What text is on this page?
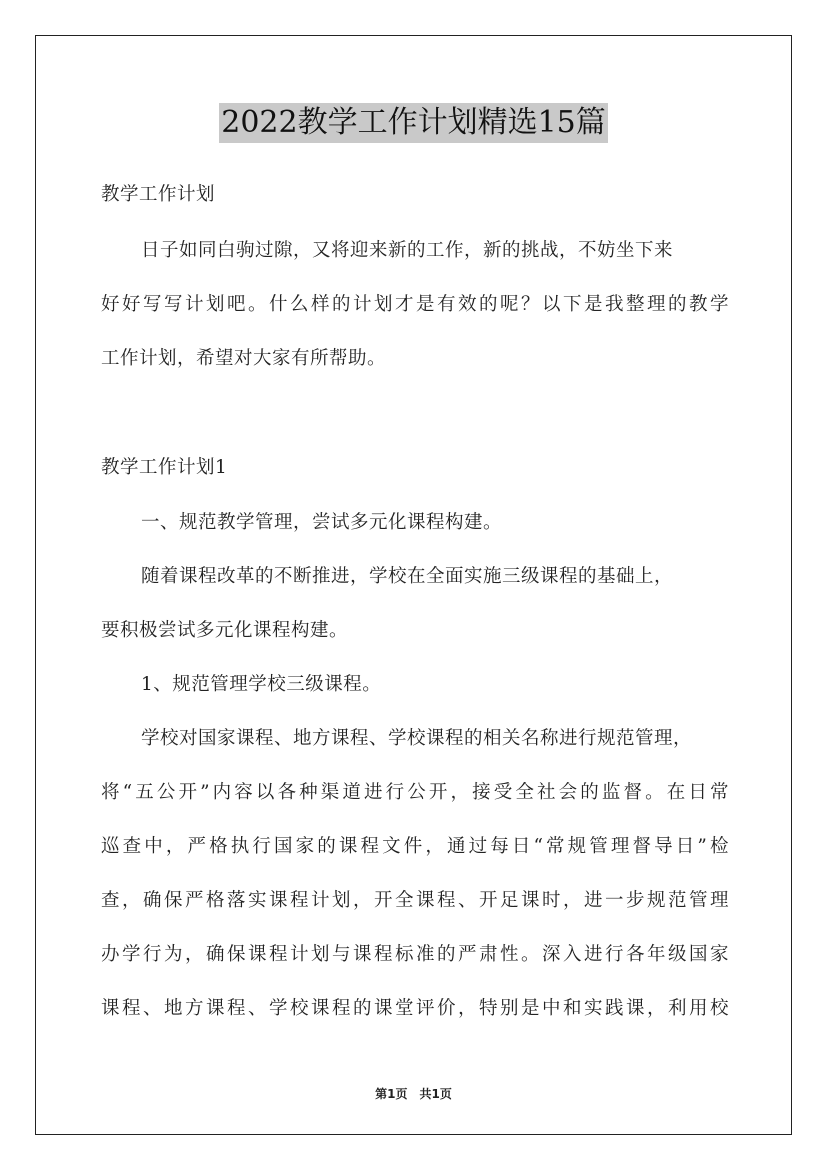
2022教学工作计划精选15篇
教学工作计划
日子如同白驹过隙，又将迎来新的工作，新的挑战，不妨坐下来
好好写写计划吧。什么样的计划才是有效的呢？以下是我整理的教学
工作计划，希望对大家有所帮助。
教学工作计划1
一、规范教学管理，尝试多元化课程构建。
随着课程改革的不断推进，学校在全面实施三级课程的基础上，
要积极尝试多元化课程构建。
1、规范管理学校三级课程。
学校对国家课程、地方课程、学校课程的相关名称进行规范管理，
将“五公开”内容以各种渠道进行公开，接受全社会的监督。在日常
巡查中，严格执行国家的课程文件，通过每日“常规管理督导日”检
查，确保严格落实课程计划，开全课程、开足课时，进一步规范管理
办学行为，确保课程计划与课程标准的严肃性。深入进行各年级国家
课程、地方课程、学校课程的课堂评价，特别是中和实践课，利用校
第1页　共1页
